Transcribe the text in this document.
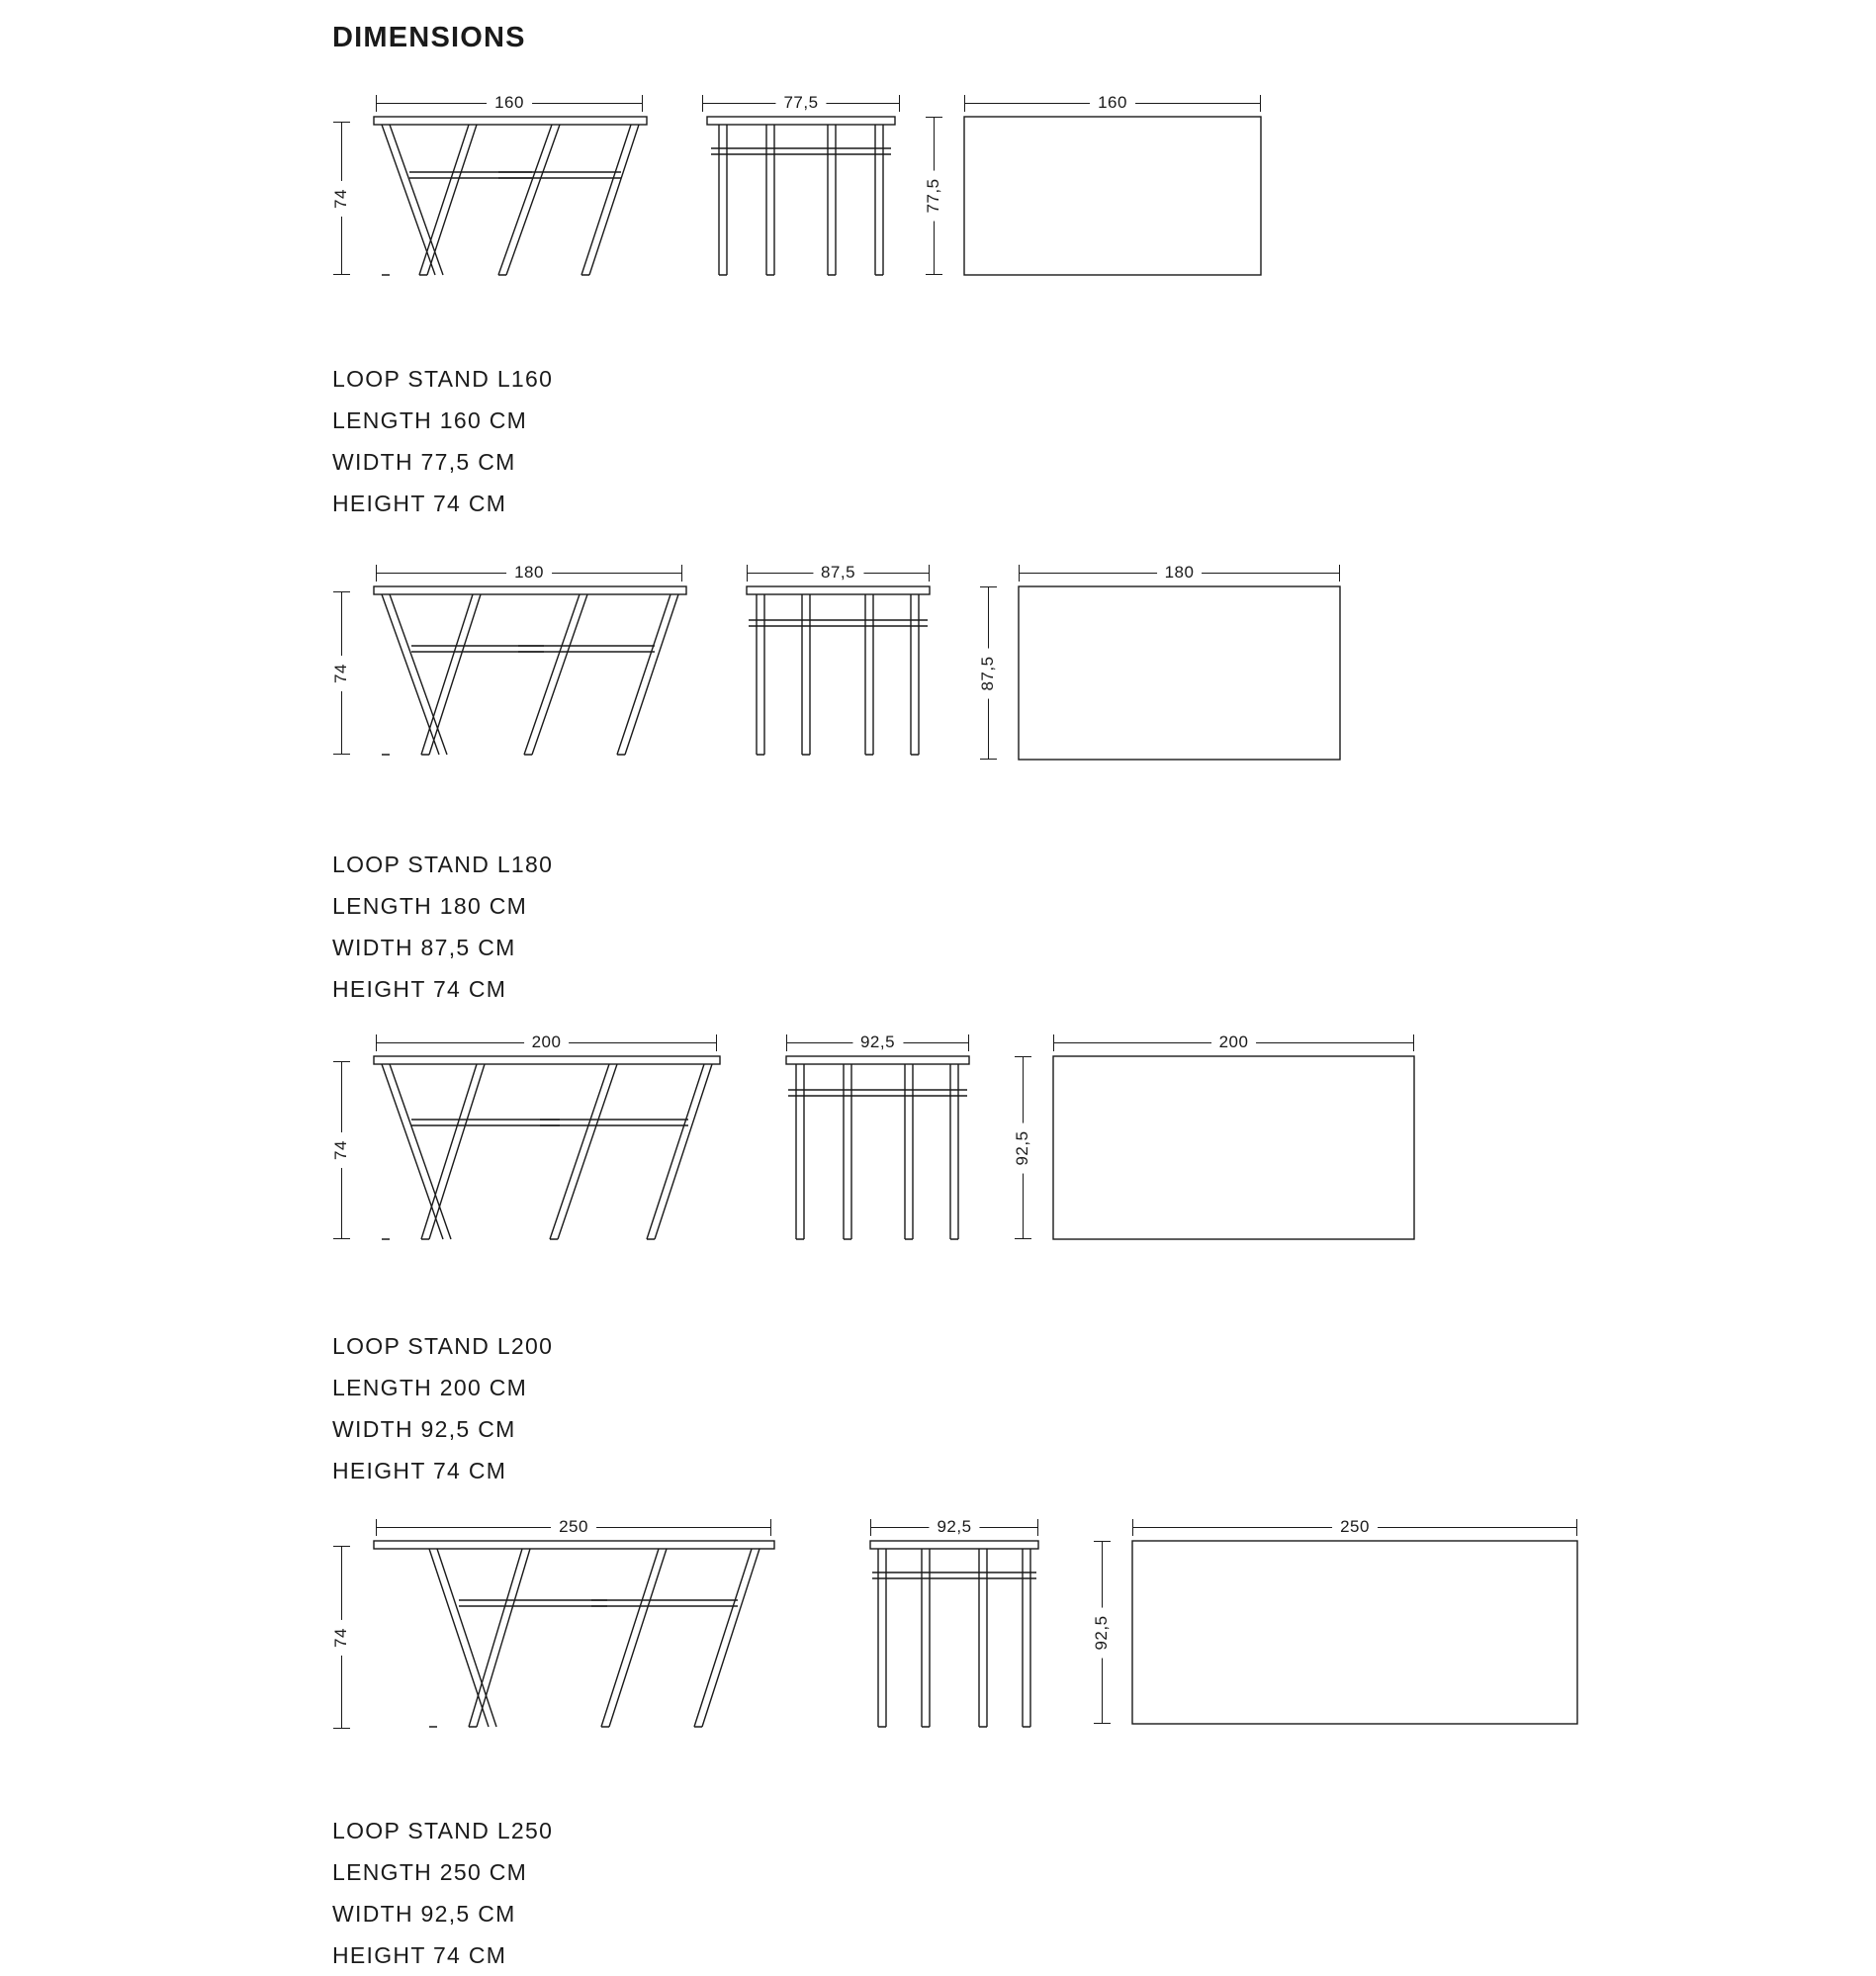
DIMENSIONS
160
74
77,5	160
77,5
LOOP STAND L160
LENGTH 160 CM
WIDTH 77,5 CM
HEIGHT 74 CM
180
74
87,5	180
87,5
LOOP STAND L180
LENGTH 180 CM
WIDTH 87,5 CM
HEIGHT 74 CM
200
74
92,5	200
92,5
LOOP STAND L200
LENGTH 200 CM
WIDTH 92,5 CM
HEIGHT 74 CM
250
74
92,5	250
92,5
LOOP STAND L250
LENGTH 250 CM
WIDTH 92,5 CM
HEIGHT 74 CM
